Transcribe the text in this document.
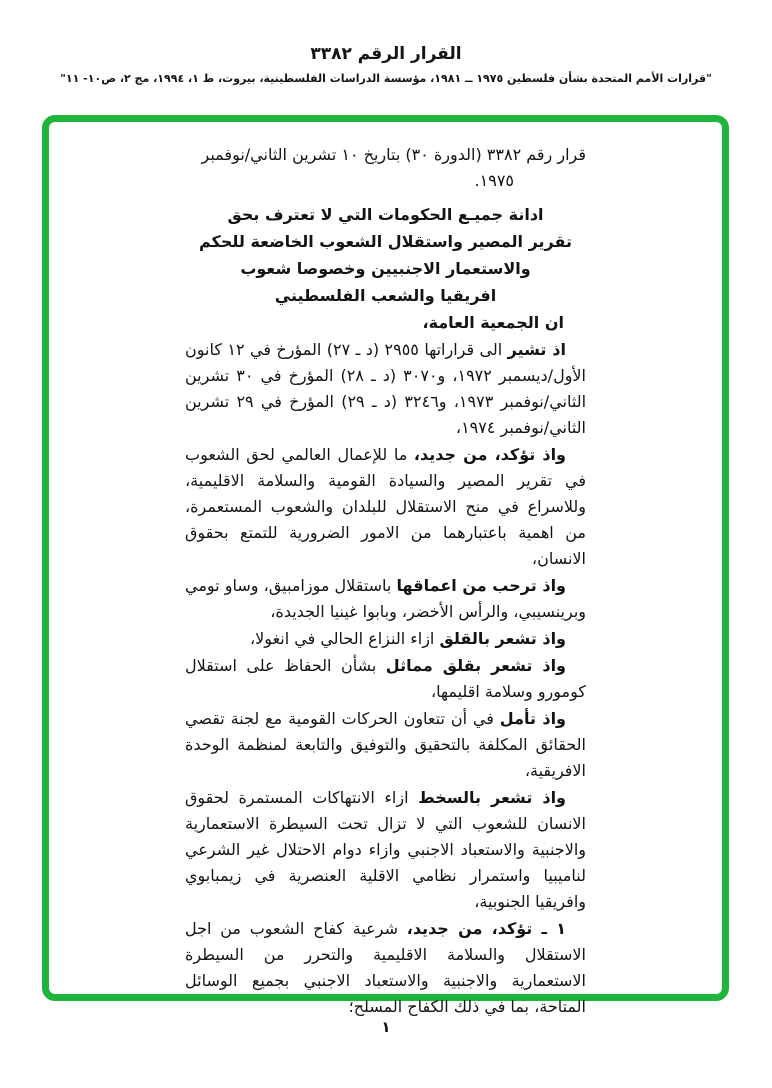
القرار الرقم ٣٣٨٢
"قرارات الأمم المتحدة بشأن فلسطين ١٩٧٥ ــ ١٩٨١، مؤسسة الدراسات الفلسطينية، بيروت، ط ١، ١٩٩٤، مج ٢، ص١٠- ١١"
قرار رقم ٣٣٨٢ (الدورة ٣٠) بتاريخ ١٠ تشرين الثاني/نوفمبر
١٩٧٥.
ادانة جميـع الحكومات التي لا تعترف بحق
تقرير المصير واستقلال الشعوب الخاضعة للحكم
والاستعمار الاجنبيين وخصوصا شعوب
افريقيا والشعب الفلسطيني

ان الجمعية العامة،

اذ تشير الى قراراتها ٢٩٥٥ (د ـ ٢٧) المؤرخ في ١٢ كانون الأول/ديسمبر ١٩٧٢، و٣٠٧٠ (د ـ ٢٨) المؤرخ في ٣٠ تشرين الثاني/نوفمبر ١٩٧٣، و٣٢٤٦ (د ـ ٢٩) المؤرخ في ٢٩ تشرين الثاني/نوفمبر ١٩٧٤،

واذ تؤكد، من جديد، ما للإعمال العالمي لحق الشعوب في تقرير المصير والسيادة القومية والسلامة الاقليمية، وللاسراع في منح الاستقلال للبلدان والشعوب المستعمرة، من اهمية باعتبارهما من الامور الضرورية للتمتع بحقوق الانسان،

واذ ترحب من اعماقها باستقلال موزامبيق، وساو تومي وبرينسيبي، والرأس الأخضر، وبابوا غينيا الجديدة،

واذ تشعر بالقلق ازاء النزاع الحالي في انغولا،

واذ تشعر بقلق مماثل بشأن الحفاظ على استقلال كومورو وسلامة اقليمها،

واذ تأمل في أن تتعاون الحركات القومية مع لجنة تقصي الحقائق المكلفة بالتحقيق والتوفيق والتابعة لمنظمة الوحدة الافريقية،

واذ تشعر بالسخط ازاء الانتهاكات المستمرة لحقوق الانسان للشعوب التي لا تزال تحت السيطرة الاستعمارية والاجنبية والاستعباد الاجنبي وازاء دوام الاحتلال غير الشرعي لناميبيا واستمرار نظامي الاقلية العنصرية في زيمبابوي وافريقيا الجنوبية،

١ ـ تؤكد، من جديد، شرعية كفاح الشعوب من اجل الاستقلال والسلامة الاقليمية والتحرر من السيطرة الاستعمارية والاجنبية والاستعباد الاجنبي بجميع الوسائل المتاحة، بما في ذلك الكفاح المسلح؛

١
